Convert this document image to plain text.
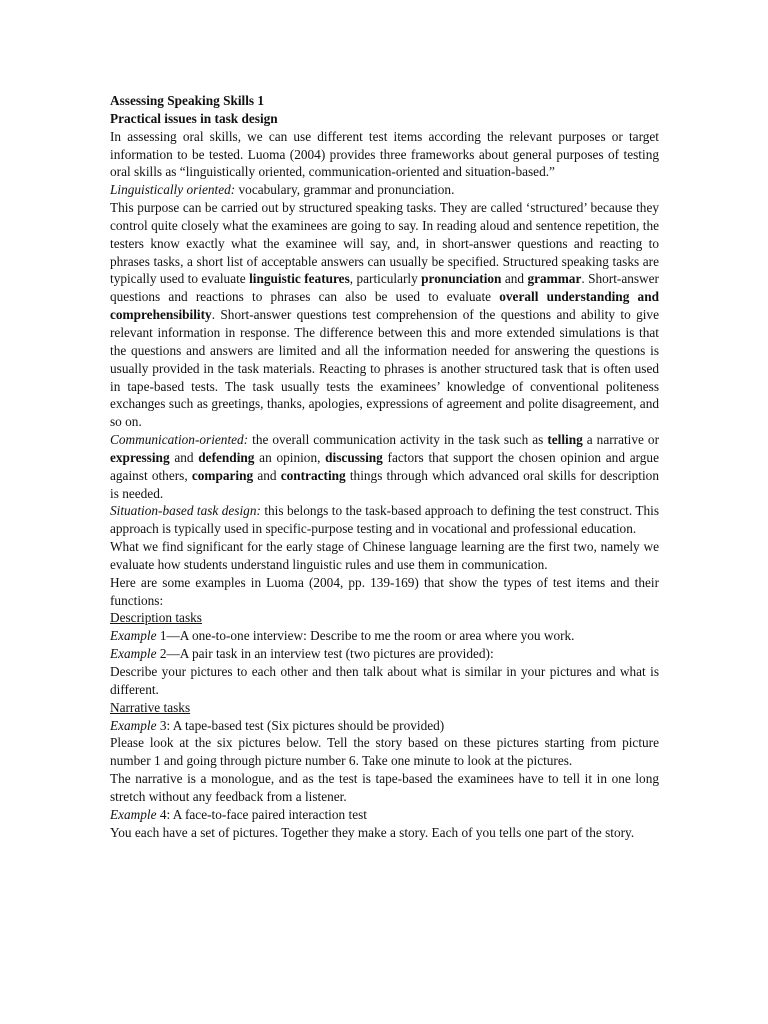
Assessing Speaking Skills 1

Practical issues in task design

In assessing oral skills, we can use different test items according the relevant purposes or target information to be tested. Luoma (2004) provides three frameworks about general purposes of testing oral skills as “linguistically oriented, communication-oriented and situation-based.”

Linguistically oriented: vocabulary, grammar and pronunciation.

This purpose can be carried out by structured speaking tasks. They are called ‘structured’ because they control quite closely what the examinees are going to say. In reading aloud and sentence repetition, the testers know exactly what the examinee will say, and, in short-answer questions and reacting to phrases tasks, a short list of acceptable answers can usually be specified. Structured speaking tasks are typically used to evaluate linguistic features, particularly pronunciation and grammar. Short-answer questions and reactions to phrases can also be used to evaluate overall understanding and comprehensibility. Short-answer questions test comprehension of the questions and ability to give relevant information in response. The difference between this and more extended simulations is that the questions and answers are limited and all the information needed for answering the questions is usually provided in the task materials. Reacting to phrases is another structured task that is often used in tape-based tests. The task usually tests the examinees’ knowledge of conventional politeness exchanges such as greetings, thanks, apologies, expressions of agreement and polite disagreement, and so on.

Communication-oriented: the overall communication activity in the task such as telling a narrative or expressing and defending an opinion, discussing factors that support the chosen opinion and argue against others, comparing and contracting things through which advanced oral skills for description is needed.

Situation-based task design: this belongs to the task-based approach to defining the test construct. This approach is typically used in specific-purpose testing and in vocational and professional education.

What we find significant for the early stage of Chinese language learning are the first two, namely we evaluate how students understand linguistic rules and use them in communication.

Here are some examples in Luoma (2004, pp. 139-169) that show the types of test items and their functions:

Description tasks

Example 1—A one-to-one interview: Describe to me the room or area where you work.

Example 2—A pair task in an interview test (two pictures are provided):

Describe your pictures to each other and then talk about what is similar in your pictures and what is different.

Narrative tasks

Example 3: A tape-based test (Six pictures should be provided)

Please look at the six pictures below. Tell the story based on these pictures starting from picture number 1 and going through picture number 6. Take one minute to look at the pictures.

The narrative is a monologue, and as the test is tape-based the examinees have to tell it in one long stretch without any feedback from a listener.

Example 4: A face-to-face paired interaction test

You each have a set of pictures. Together they make a story. Each of you tells one part of the story.
